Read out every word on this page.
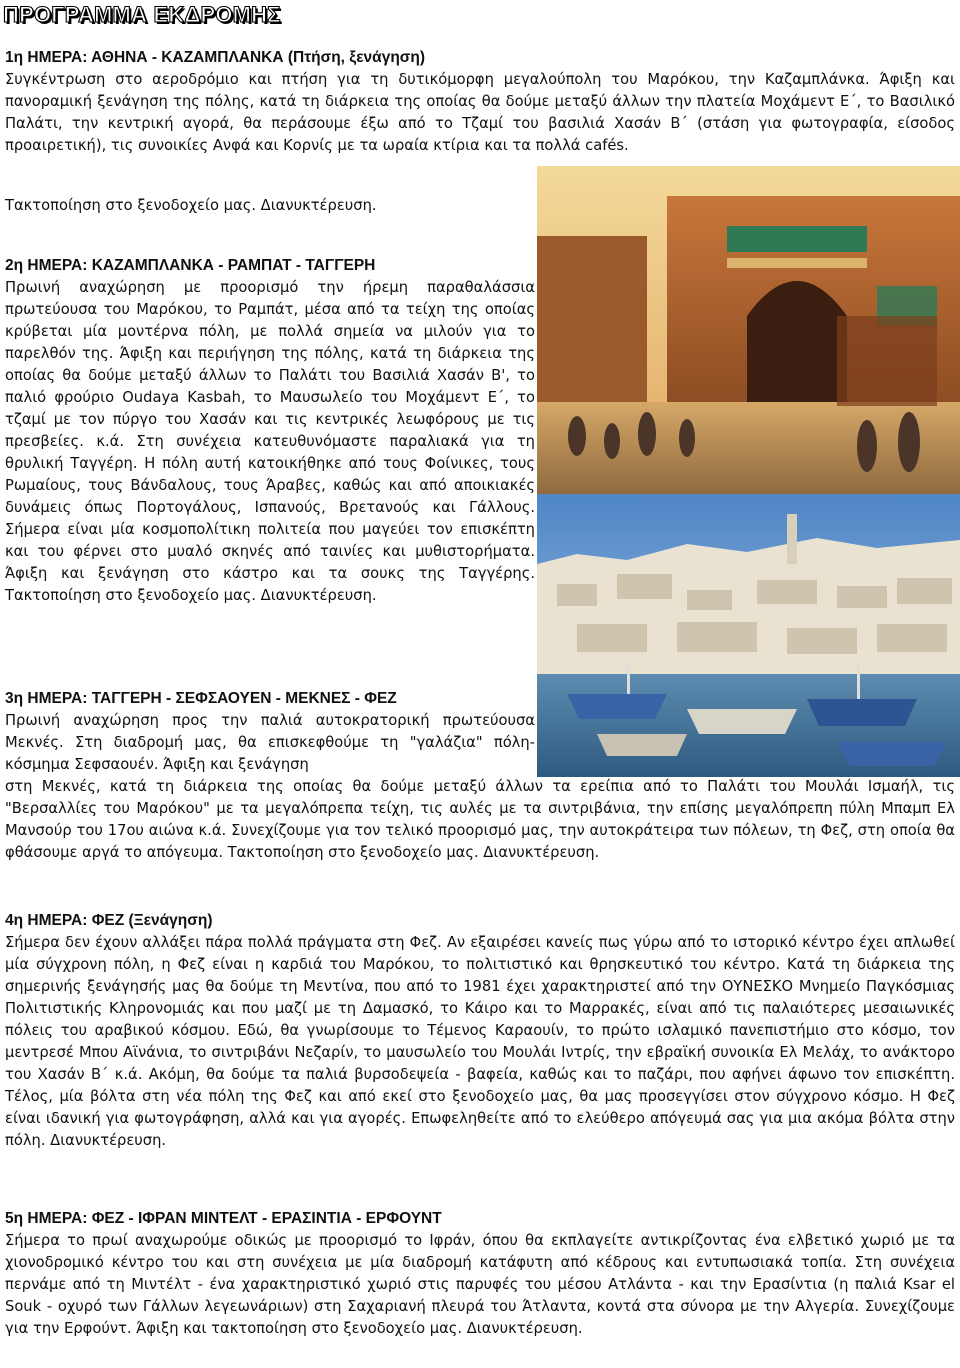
ΠΡΟΓΡΑΜΜΑ ΕΚΔΡΟΜΗΣ

1η ΗΜΕΡΑ: ΑΘΗΝΑ - ΚΑΖΑΜΠΛΑΝΚΑ (Πτήση, ξενάγηση)

Συγκέντρωση στο αεροδρόμιο και πτήση για τη δυτικόμορφη μεγαλούπολη του Μαρόκου, την Καζαμπλάνκα. Άφιξη και πανοραμική ξενάγηση της πόλης, κατά τη διάρκεια της οποίας θα δούμε μεταξύ άλλων την πλατεία Μοχάμεντ Ε΄, το Βασιλικό Παλάτι, την κεντρική αγορά, θα περάσουμε έξω από το Τζαμί του βασιλιά Χασάν Β΄ (στάση για φωτογραφία, είσοδος προαιρετική), τις συνοικίες Ανφά και Κορνίς με τα ωραία κτίρια και τα πολλά cafés.

Τακτοποίηση στο ξενοδοχείο μας. Διανυκτέρευση.

2η ΗΜΕΡΑ: ΚΑΖΑΜΠΛΑΝΚΑ - ΡΑΜΠΑΤ - ΤΑΓΓΕΡΗ

Πρωινή αναχώρηση με προορισμό την ήρεμη παραθαλάσσια πρωτεύουσα του Μαρόκου, το Ραμπάτ, μέσα από τα τείχη της οποίας κρύβεται μία μοντέρνα πόλη, με πολλά σημεία να μιλούν για το παρελθόν της. Άφιξη και περιήγηση της πόλης, κατά τη διάρκεια της οποίας θα δούμε μεταξύ άλλων το Παλάτι του Βασιλιά Χασάν Β', το παλιό φρούριο Oudaya Kasbah, το Μαυσωλείο του Μοχάμεντ Ε΄, το τζαμί με τον πύργο του Χασάν και τις κεντρικές λεωφόρους με τις πρεσβείες. κ.ά. Στη συνέχεια κατευθυνόμαστε παραλιακά για τη θρυλική Ταγγέρη. Η πόλη αυτή κατοικήθηκε από τους Φοίνικες, τους Ρωμαίους, τους Βάνδαλους, τους Άραβες, καθώς και από αποικιακές δυνάμεις όπως Πορτογάλους, Ισπανούς, Βρετανούς και Γάλλους. Σήμερα είναι μία κοσμοπολίτικη πολιτεία που μαγεύει τον επισκέπτη και του φέρνει στο μυαλό σκηνές από ταινίες και μυθιστορήματα. Άφιξη και ξενάγηση στο κάστρο και τα σουκς της Ταγγέρης. Τακτοποίηση στο ξενοδοχείο μας. Διανυκτέρευση.

3η ΗΜΕΡΑ: ΤΑΓΓΕΡΗ - ΣΕΦΣΑΟΥΕΝ - ΜΕΚΝΕΣ - ΦΕΖ

Πρωινή αναχώρηση προς την παλιά αυτοκρατορική πρωτεύουσα Μεκνές. Στη διαδρομή μας, θα επισκεφθούμε τη "γαλάζια" πόλη-κόσμημα Σεφσαουέν. Άφιξη και ξενάγηση

στη Μεκνές, κατά τη διάρκεια της οποίας θα δούμε μεταξύ άλλων τα ερείπια από το Παλάτι του Μουλάι Ισμαήλ, τις "Βερσαλλίες του Μαρόκου" με τα μεγαλόπρεπα τείχη, τις αυλές με τα σιντριβάνια, την επίσης μεγαλόπρεπη πύλη Μπαμπ Ελ Μανσούρ του 17ου αιώνα κ.ά. Συνεχίζουμε για τον τελικό προορισμό μας, την αυτοκράτειρα των πόλεων, τη Φεζ, στη οποία θα φθάσουμε αργά το απόγευμα. Τακτοποίηση στο ξενοδοχείο μας. Διανυκτέρευση.

4η ΗΜΕΡΑ: ΦΕΖ (Ξενάγηση)

Σήμερα δεν έχουν αλλάξει πάρα πολλά πράγματα στη Φεζ. Αν εξαιρέσει κανείς πως γύρω από το ιστορικό κέντρο έχει απλωθεί μία σύγχρονη πόλη, η Φεζ είναι η καρδιά του Μαρόκου, το πολιτιστικό και θρησκευτικό του κέντρο. Κατά τη διάρκεια της σημερινής ξενάγησής μας θα δούμε τη Μεντίνα, που από το 1981 έχει χαρακτηριστεί από την ΟΥΝΕΣΚΟ Μνημείο Παγκόσμιας Πολιτιστικής Κληρονομιάς και που μαζί με τη Δαμασκό, το Κάιρο και το Μαρρακές, είναι από τις παλαιότερες μεσαιωνικές πόλεις του αραβικού κόσμου. Εδώ, θα γνωρίσουμε το Τέμενος Καραουίν, το πρώτο ισλαμικό πανεπιστήμιο στο κόσμο, τον μεντρεσέ Μπου Αϊνάνια, το σιντριβάνι Νεζαρίν, το μαυσωλείο του Μουλάι Ιντρίς, την εβραϊκή συνοικία Ελ Μελάχ, το ανάκτορο του Χασάν Β΄ κ.ά. Ακόμη, θα δούμε τα παλιά βυρσοδεψεία - βαφεία, καθώς και το παζάρι, που αφήνει άφωνο τον επισκέπτη. Τέλος, μία βόλτα στη νέα πόλη της Φεζ και από εκεί στο ξενοδοχείο μας, θα μας προσεγγίσει στον σύγχρονο κόσμο. Η Φεζ είναι ιδανική για φωτογράφηση, αλλά και για αγορές. Επωφεληθείτε από το ελεύθερο απόγευμά σας για μια ακόμα βόλτα στην πόλη. Διανυκτέρευση.

5η ΗΜΕΡΑ: ΦΕΖ - ΙΦΡΑΝ ΜΙΝΤΕΛΤ - ΕΡΑΣΙΝΤΙΑ - ΕΡΦΟΥΝΤ

Σήμερα το πρωί αναχωρούμε οδικώς με προορισμό το Ιφράν, όπου θα εκπλαγείτε αντικρίζοντας ένα ελβετικό χωριό με τα χιονοδρομικό κέντρο του και στη συνέχεια με μία διαδρομή κατάφυτη από κέδρους και εντυπωσιακά τοπία. Στη συνέχεια περνάμε από τη Μιντέλτ - ένα χαρακτηριστικό χωριό στις παρυφές του μέσου Ατλάντα - και την Ερασίντια (η παλιά Ksar el Souk - οχυρό των Γάλλων λεγεωνάριων) στη Σαχαριανή πλευρά του Άτλαντα, κοντά στα σύνορα με την Αλγερία. Συνεχίζουμε για την Ερφούντ. Άφιξη και τακτοποίηση στο ξενοδοχείο μας. Διανυκτέρευση.
